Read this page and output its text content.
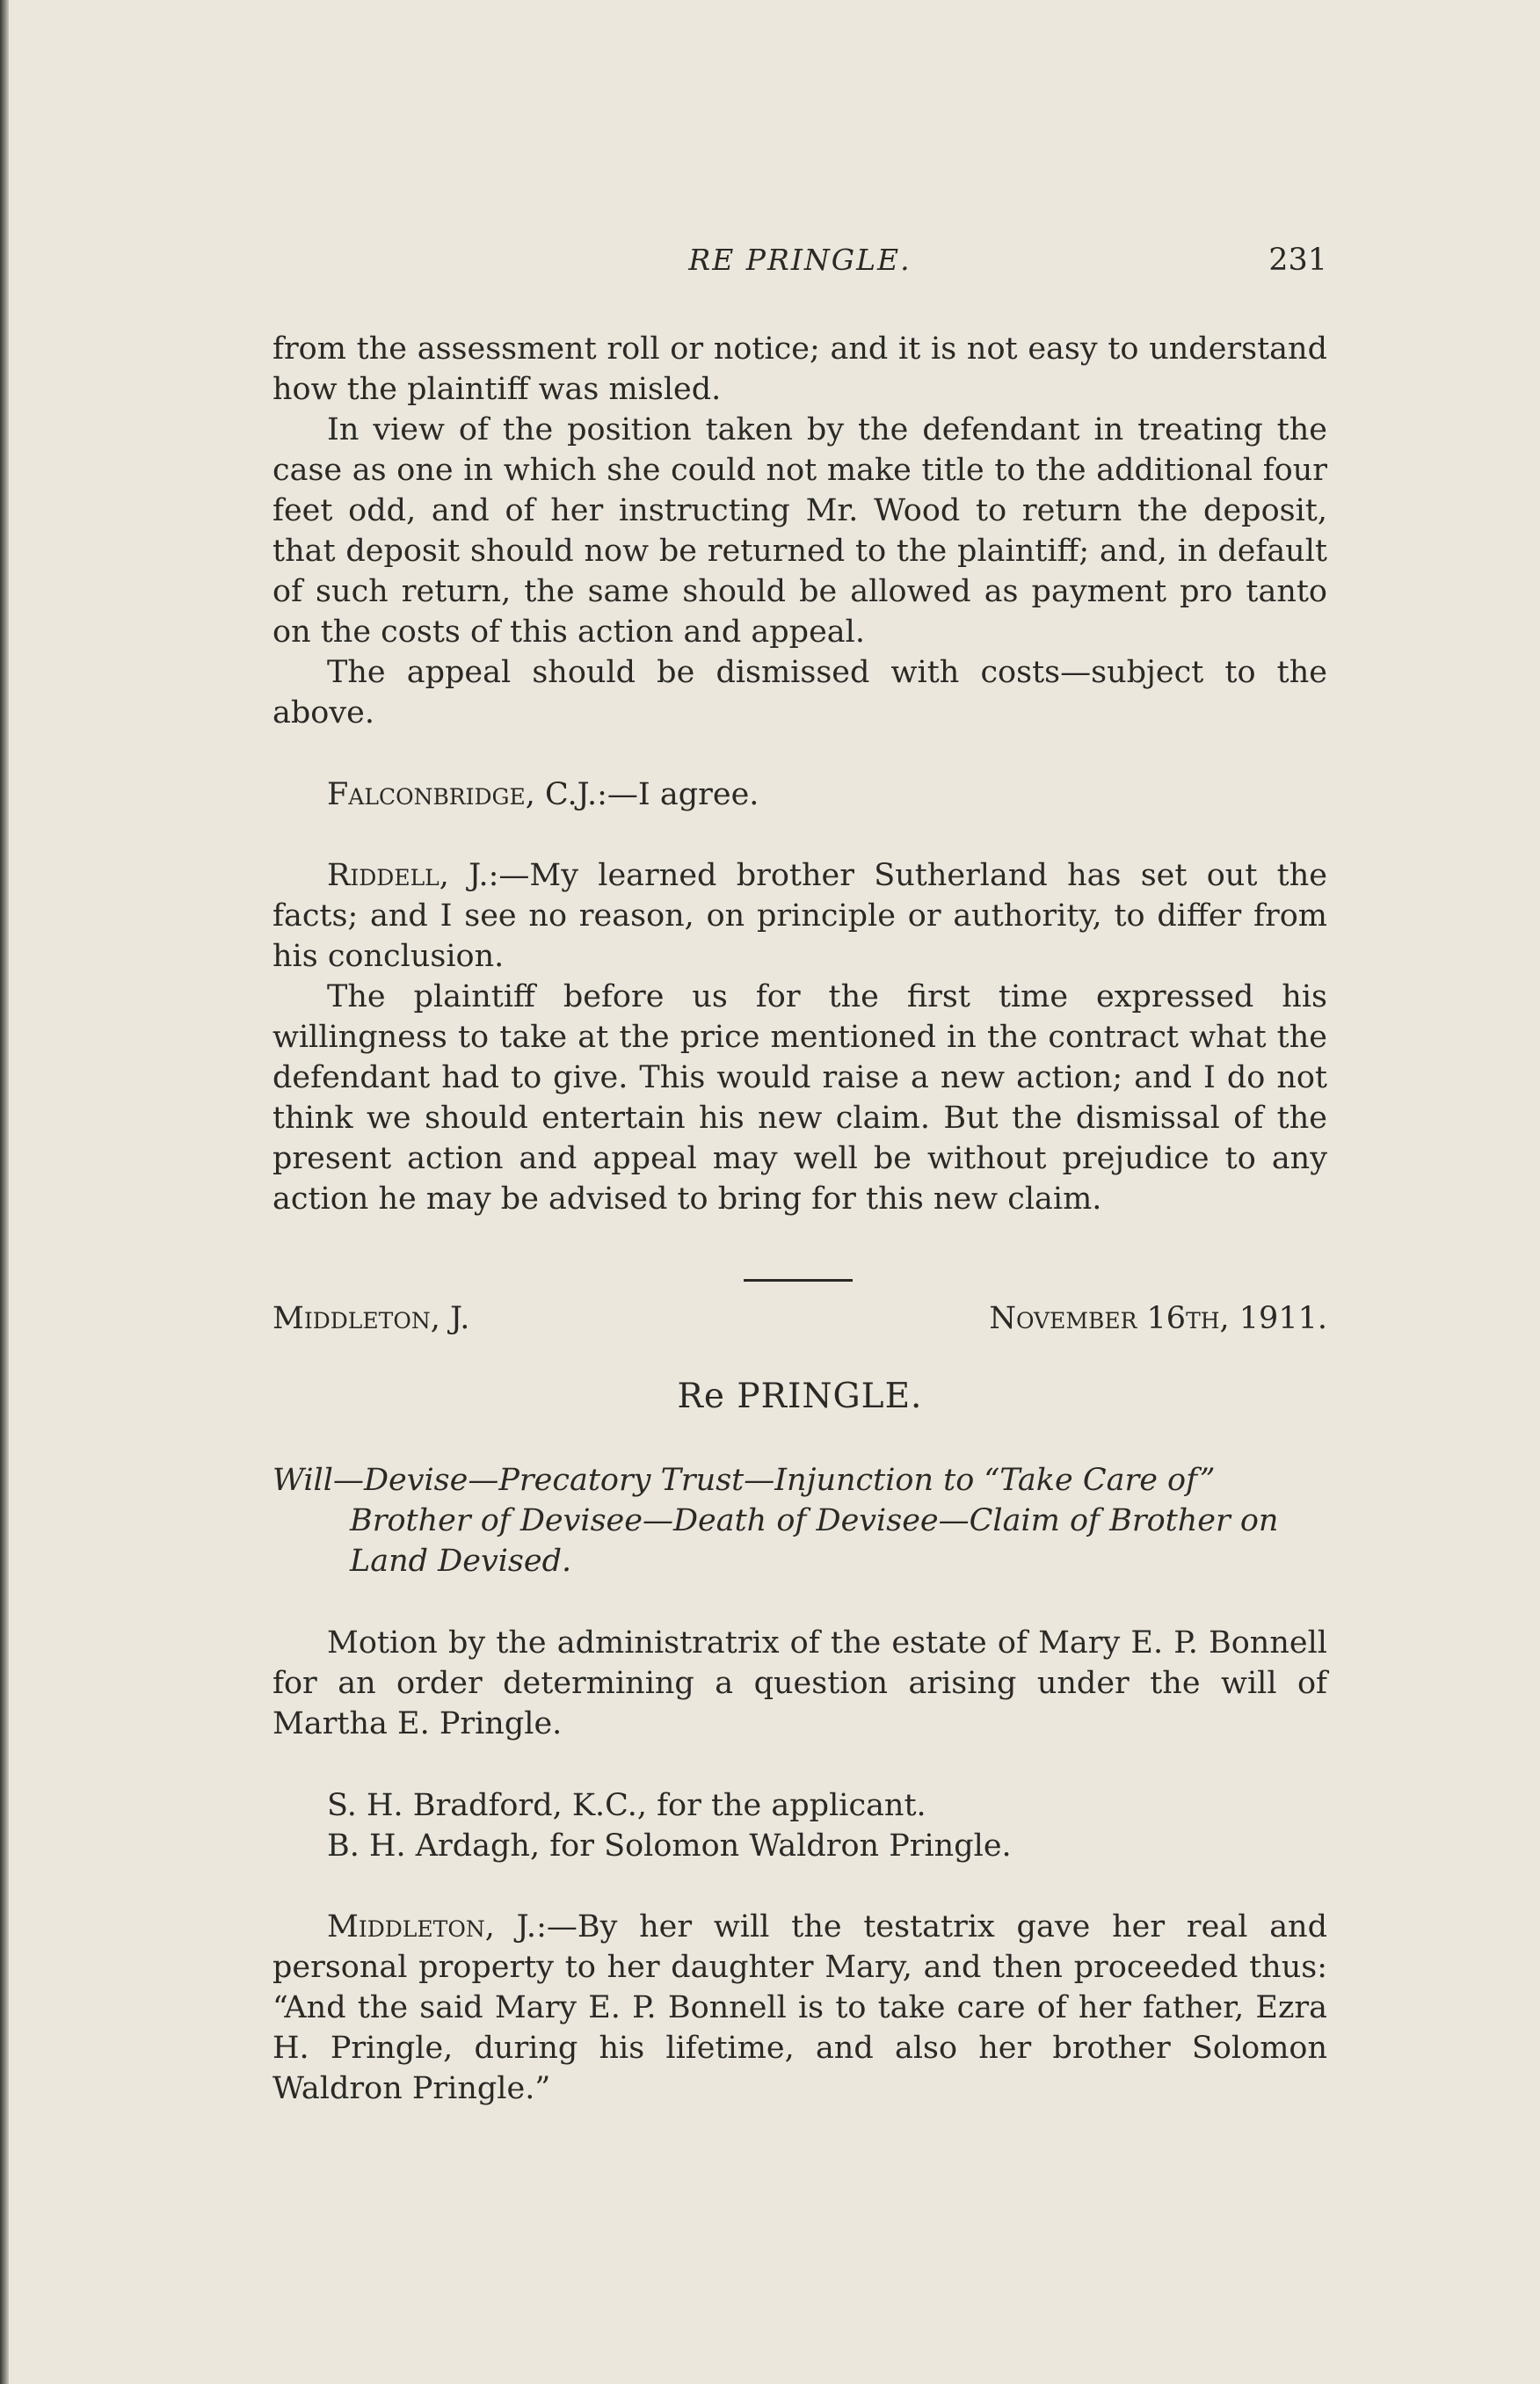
RE PRINGLE.	231

from the assessment roll or notice; and it is not easy to understand how the plaintiff was misled.

In view of the position taken by the defendant in treating the case as one in which she could not make title to the additional four feet odd, and of her instructing Mr. Wood to return the deposit, that deposit should now be returned to the plaintiff; and, in default of such return, the same should be allowed as payment pro tanto on the costs of this action and appeal.

The appeal should be dismissed with costs—subject to the above.

Falconbridge, C.J.:—I agree.

Riddell, J.:—My learned brother Sutherland has set out the facts; and I see no reason, on principle or authority, to differ from his conclusion.

The plaintiff before us for the first time expressed his willingness to take at the price mentioned in the contract what the defendant had to give. This would raise a new action; and I do not think we should entertain his new claim. But the dismissal of the present action and appeal may well be without prejudice to any action he may be advised to bring for this new claim.

Middleton, J.	November 16th, 1911.
Re PRINGLE.
Will—Devise—Precatory Trust—Injunction to “Take Care of” Brother of Devisee—Death of Devisee—Claim of Brother on Land Devised.

Motion by the administratrix of the estate of Mary E. P. Bonnell for an order determining a question arising under the will of Martha E. Pringle.

S. H. Bradford, K.C., for the applicant.
B. H. Ardagh, for Solomon Waldron Pringle.

Middleton, J.:—By her will the testatrix gave her real and personal property to her daughter Mary, and then proceeded thus: “And the said Mary E. P. Bonnell is to take care of her father, Ezra H. Pringle, during his lifetime, and also her brother Solomon Waldron Pringle.”
